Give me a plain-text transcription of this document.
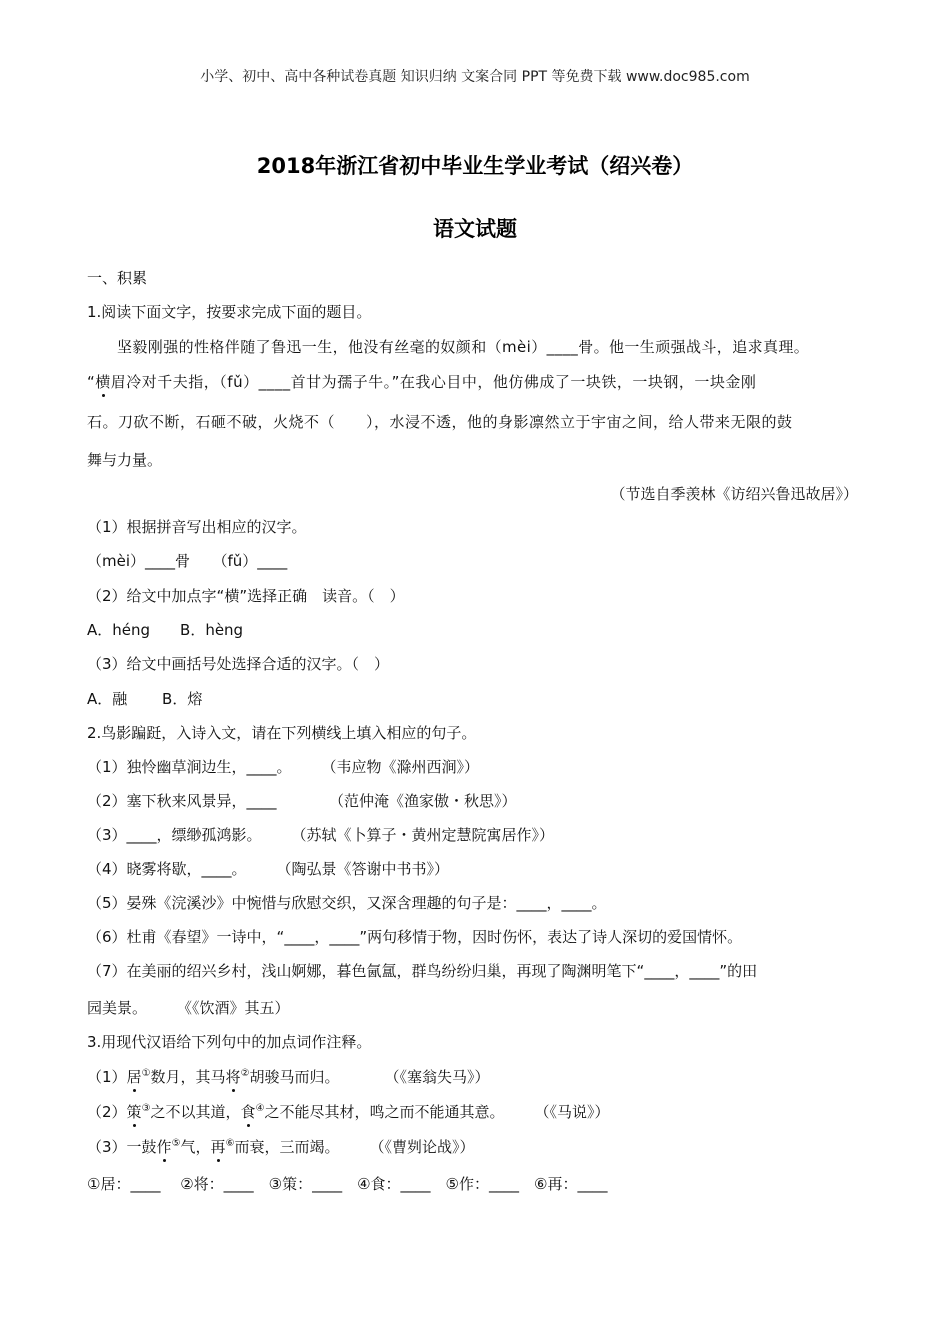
小学、初中、高中各种试卷真题 知识归纳 文案合同 PPT 等免费下载 www.doc985.com
2018年浙江省初中毕业生学业考试（绍兴卷）
语文试题
一、积累
1.阅读下面文字，按要求完成下面的题目。
坚毅刚强的性格伴随了鲁迅一生，他没有丝毫的奴颜和（mèi）____骨。他一生顽强战斗，追求真理。
“横眉冷对千夫指，（fǔ）____首甘为孺子牛。”在我心目中，他仿佛成了一块铁，一块钢，一块金刚
石。刀砍不断，石砸不破，火烧不（　　），水浸不透，他的身影凛然立于宇宙之间，给人带来无限的鼓
舞与力量。
（节选自季羡林《访绍兴鲁迅故居》）
（1）根据拼音写出相应的汉字。
（mèi）____骨　　（fǔ）____
（2）给文中加点字“横”选择正确　读音。（　）
A．héng　　B．hèng
（3）给文中画括号处选择合适的汉字。（　）
A．融　　 B．熔
2.鸟影蹁跹，入诗入文，请在下列横线上填入相应的句子。
（1）独怜幽草涧边生，____。　　　（韦应物《滁州西涧》）
（2）塞下秋来风景异，____　　　　（范仲淹《渔家傲・秋思》）
（3）____，缥缈孤鸿影。　　　（苏轼《卜算子・黄州定慧院寓居作》）
（4）晓雾将歇，____。　　　（陶弘景《答谢中书书》）
（5）晏殊《浣溪沙》中惋惜与欣慰交织，又深含理趣的句子是：____，____。
（6）杜甫《春望》一诗中，“____，____”两句移情于物，因时伤怀，表达了诗人深切的爱国情怀。
（7）在美丽的绍兴乡村，浅山婀娜，暮色氤氲，群鸟纷纷归巢，再现了陶渊明笔下“____，____”的田
园美景。　　　《《饮酒》其五）
3.用现代汉语给下列句中的加点词作注释。
（1）居①数月，其马将②胡骏马而归。　　　　（《塞翁失马》）
（2）策③之不以其道，食④之不能尽其材，鸣之而不能通其意。　　　（《马说》）
（3）一鼓作⑤气，再⑥而衰，三而竭。　　　（《曹刿论战》）
①居：____　 ②将：____　③策：____　④食：____　⑤作：____　⑥再：____
